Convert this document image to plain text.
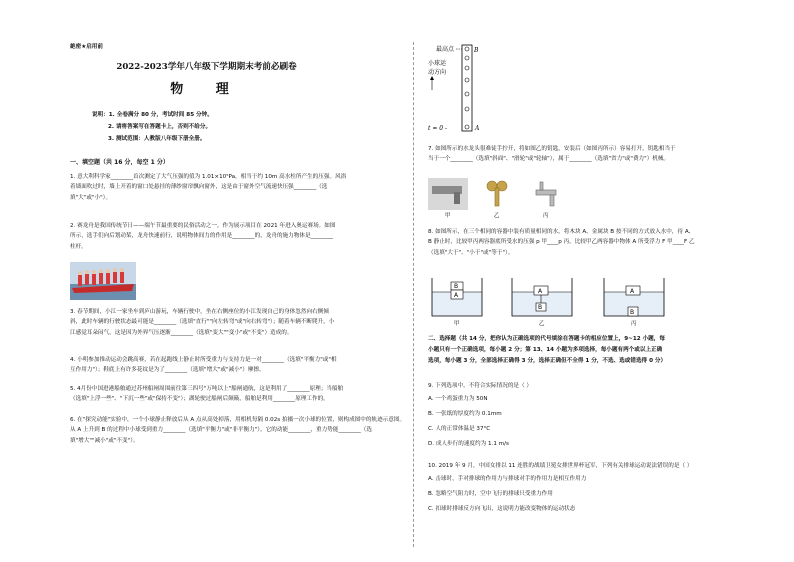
絶密★启用前
2022-2023学年八年级下学期期末考前必刷卷
物 理
说明：1. 全卷满分 80 分，考试时间 85 分钟。
2. 请将答案写在答题卡上，否则不给分。
3. 测试范围：人教版八年级下册全册。
一、填空题（共 16 分，每空 1 分）
1. 意大利科学家________首次测定了大气压强的值为 1.01×10⁵Pa，相当于约 10m 高水柱所产生的压强。风浴
着墙面吹过时，墙上开着的窗口处悬挂的薄纱窗帘飘向窗外，这是由于窗外空气流速快压强________（选
填"大"或"小"）。
2. 赛龙舟是我国传统节日——端午节最重要的民俗活动之一，作为展示项目在 2021 年进入奥运赛场。如图
所示，选手们向后划动桨，龙舟快速前行，说明物体间力的作用是________的，龙舟的施力物体是________
柱杆。
3. 春节期间，小江一家坐车到庐山游玩，车辆行驶中，坐在右侧座位的小江发现自己的身体忽然向右侧倾
斜，此时车辆的行驶状态最可能是________（选填"直行""向左转弯"或"向右转弯"）；随着车辆不断爬升，小
江感觉耳朵闷气，这是因为外界气压逐渐________（选填"变大""变小"或"不变"）造成的。
4. 小明参加推动运动会跳高赛，若在起跑线上静止时所受重力与支持力是一对________（选填"平衡力"或"相
互作用力"）；鞋底上有许多花纹是为了________（选填"增大"或"减小"）摩擦。
5. 4月份中国进港船舶通过苏州船闸周围前往第三四号"万吨以上"船闸通航，这是利用了________原理；当船舶
（选填"上浮一些"、"下沉一些"或"保持不变"）；湖轮驶过船闸后颠簸，船舶是利用________原理工作的。
6. 在"探究动能"实验中，一个小球静止释放后从 A 点从高处掉落，用相机每隔 0.02s 拍摄一次小球的位置，则构成图中的轨迹示意图。
从 A 上升到 B 的过程中小球受到重力________（选填"平衡力"或"非平衡力"），它的动能________，重力势能________（选
填"增大""减小"或"不变"）。
最高点	B
小球运
动方向
t = 0 -	A
7. 如图所示的水龙头很难徒手拧开，将如图乙的钥匙，安装后（如图丙所示）容易打开，钥匙相当于
当于一个________（选填"斜面"、"滑轮"或"轮轴"），属于________（选填"省力"或"费力"）机械。
甲	乙	丙
8. 如图所示，在三个相同的容器中装有质量相同的水，将木块 A、金属块 B 按不同的方式放入水中，待 A、
B 静止时，比较甲丙两容器底所受水的压强 p 甲____p 丙，比较甲乙两容器中物体 A 所受浮力 F 甲____F 乙
（选填"大于"、"小于"或"等于"）。
B
A
甲
A
B
乙
A
B
丙
二、选择题（共 14 分，把你认为正确选项的代号填涂在答题卡的相应位置上，9~12 小题，每
小题只有一个正确选项，每小题 2 分；第 13、14 小题为多项选择，每小题有两个或以上正确
选项，每小题 3 分，全部选择正确得 3 分，选择正确但不全得 1 分，不选、选或错选得 0 分）
9. 下列选项中，不符合实际情况的是（ ）
A. 一个鸡蛋重力为 50N
B. 一张纸的厚度约为 0.1mm
C. 人的正常体温是 37°C
D. 成人步行的速度约为 1.1 m/s
10. 2019 年 9 月，中国女排以 11 连胜的战绩卫冕女排世界杯冠军，下列有关排球运动说法错误的是（ ）
A. 击球时，手对排球的作用力与排球对手的作用力是相互作用力
B. 忽略空气阻力时，空中飞行的排球只受重力作用
C. 扣球时排球反方向飞出，这说明力能改变物体的运动状态
